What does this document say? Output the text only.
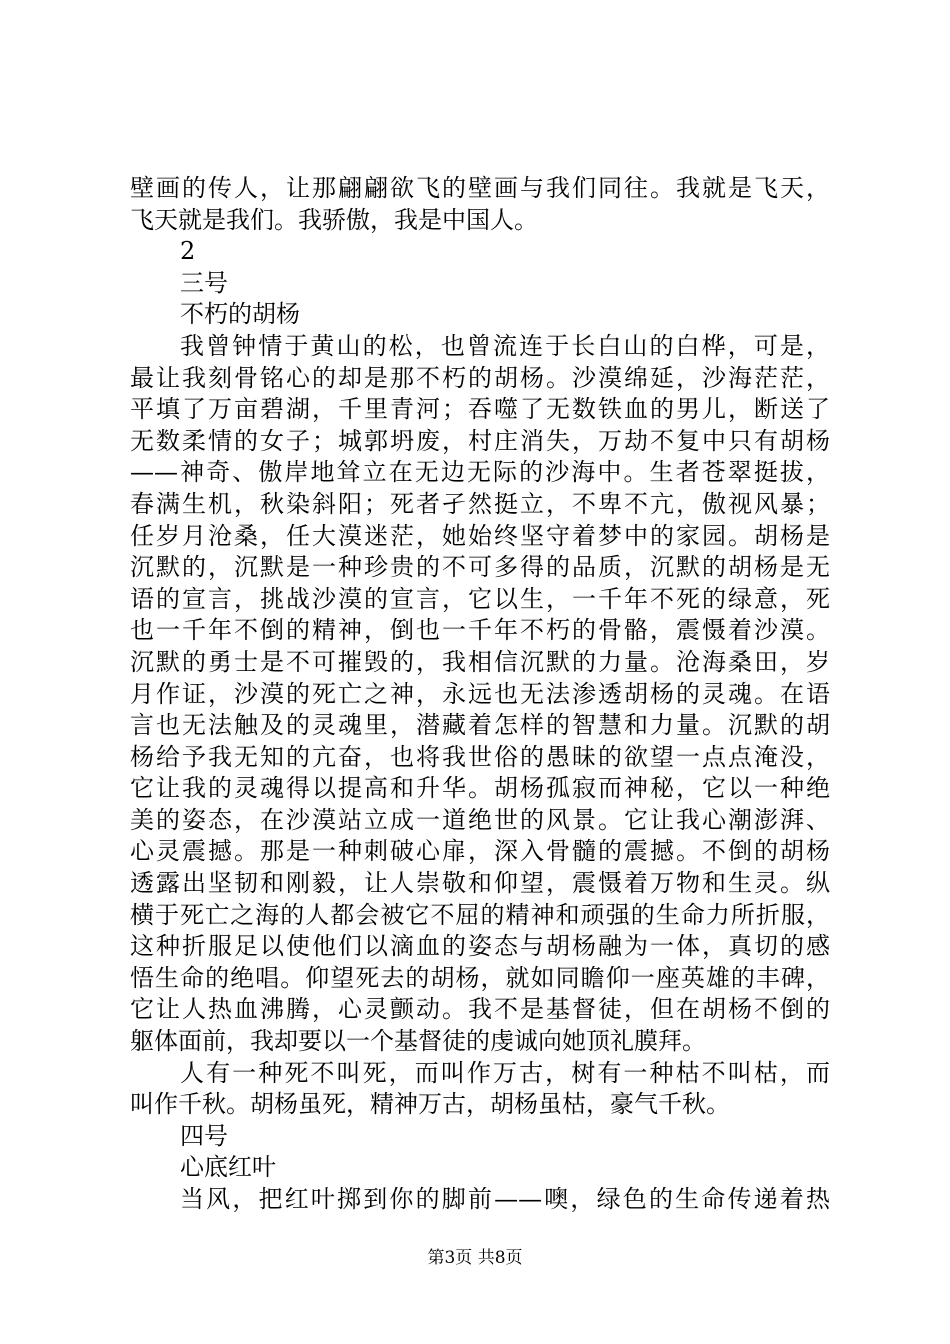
壁画的传人，让那翩翩欲飞的壁画与我们同往。我就是飞天，
飞天就是我们。我骄傲，我是中国人。
2
三号
不朽的胡杨
我曾钟情于黄山的松，也曾流连于长白山的白桦，可是，
最让我刻骨铭心的却是那不朽的胡杨。沙漠绵延，沙海茫茫，
平填了万亩碧湖，千里青河；吞噬了无数铁血的男儿，断送了
无数柔情的女子；城郭坍废，村庄消失，万劫不复中只有胡杨
——神奇、傲岸地耸立在无边无际的沙海中。生者苍翠挺拔，
春满生机，秋染斜阳；死者孑然挺立，不卑不亢，傲视风暴；
任岁月沧桑，任大漠迷茫，她始终坚守着梦中的家园。胡杨是
沉默的，沉默是一种珍贵的不可多得的品质，沉默的胡杨是无
语的宣言，挑战沙漠的宣言，它以生，一千年不死的绿意，死
也一千年不倒的精神，倒也一千年不朽的骨骼，震慑着沙漠。
沉默的勇士是不可摧毁的，我相信沉默的力量。沧海桑田，岁
月作证，沙漠的死亡之神，永远也无法渗透胡杨的灵魂。在语
言也无法触及的灵魂里，潜藏着怎样的智慧和力量。沉默的胡
杨给予我无知的亢奋，也将我世俗的愚昧的欲望一点点淹没，
它让我的灵魂得以提高和升华。胡杨孤寂而神秘，它以一种绝
美的姿态，在沙漠站立成一道绝世的风景。它让我心潮澎湃、
心灵震撼。那是一种刺破心扉，深入骨髓的震撼。不倒的胡杨
透露出坚韧和刚毅，让人崇敬和仰望，震慑着万物和生灵。纵
横于死亡之海的人都会被它不屈的精神和顽强的生命力所折服，
这种折服足以使他们以滴血的姿态与胡杨融为一体，真切的感
悟生命的绝唱。仰望死去的胡杨，就如同瞻仰一座英雄的丰碑，
它让人热血沸腾，心灵颤动。我不是基督徒，但在胡杨不倒的
躯体面前，我却要以一个基督徒的虔诚向她顶礼膜拜。
人有一种死不叫死，而叫作万古，树有一种枯不叫枯，而
叫作千秋。胡杨虽死，精神万古，胡杨虽枯，豪气千秋。
四号
心底红叶
当风，把红叶掷到你的脚前——噢，绿色的生命传递着热
第3页 共8页
